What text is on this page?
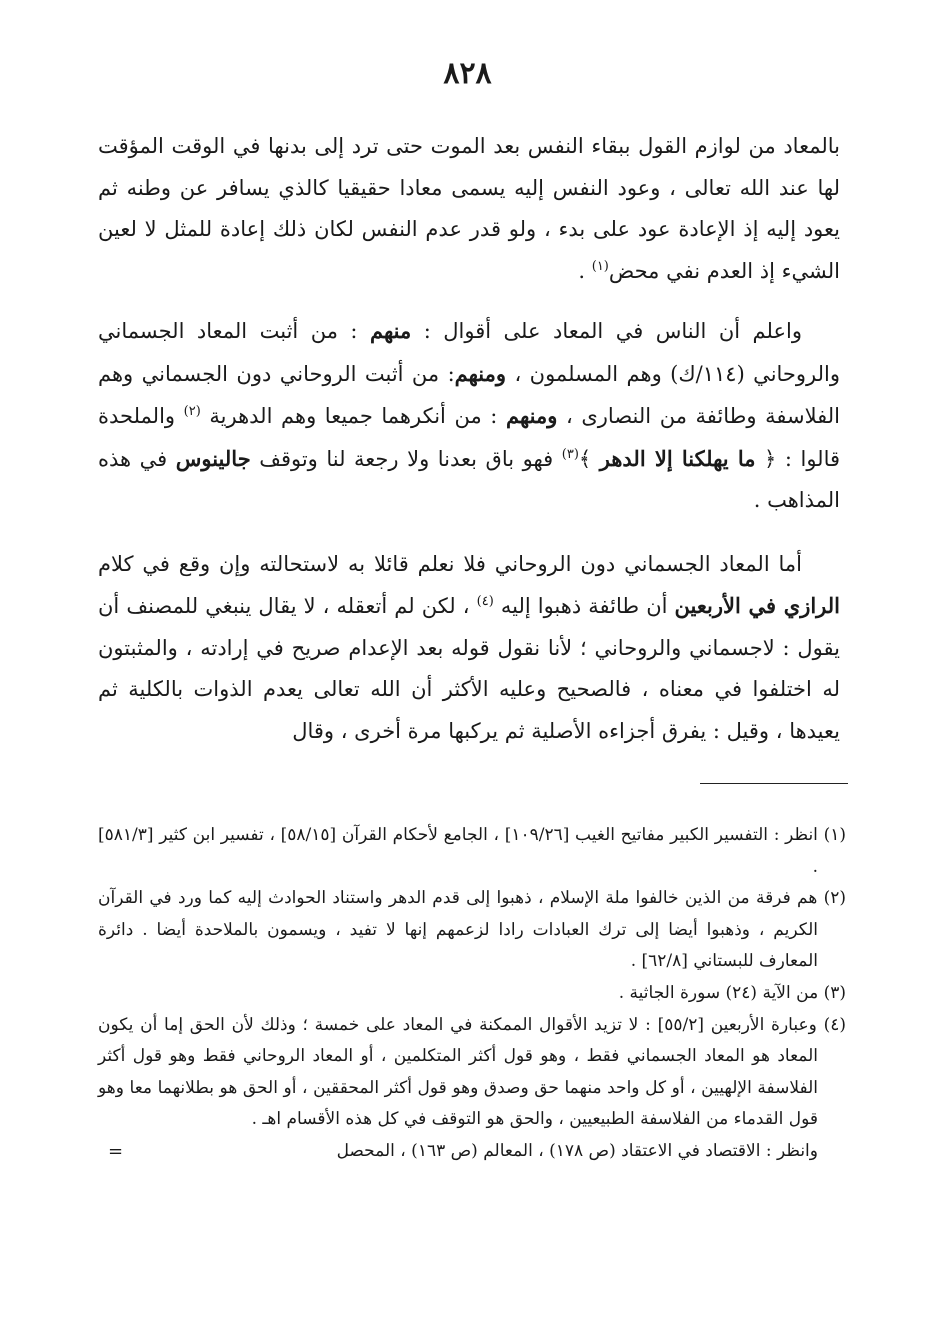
٨٢٨

بالمعاد من لوازم القول ببقاء النفس بعد الموت حتى ترد إلى بدنها في الوقت المؤقت لها عند الله تعالى ، وعود النفس إليه يسمى معادا حقيقيا كالذي يسافر عن وطنه ثم يعود إليه إذ الإعادة عود على بدء ، ولو قدر عدم النفس لكان ذلك إعادة للمثل لا لعين الشيء إذ العدم نفي محض$^{(١)}$ .

واعلم أن الناس في المعاد على أقوال : منهم : من أثبت المعاد الجسماني والروحاني (١١٤/ك) وهم المسلمون ، ومنهم: من أثبت الروحاني دون الجسماني وهم الفلاسفة وطائفة من النصارى ، ومنهم : من أنكرهما جميعا وهم الدهرية $^{(٢)}$ والملحدة قالوا : ﴿ ما يهلكنا إلا الدهر ﴾$^{(٣)}$ فهو باق بعدنا ولا رجعة لنا وتوقف جالينوس في هذه المذاهب .

أما المعاد الجسماني دون الروحاني فلا نعلم قائلا به لاستحالته وإن وقع في كلام الرازي في الأربعين أن طائفة ذهبوا إليه $^{(٤)}$ ، لكن لم أتعقله ، لا يقال ينبغي للمصنف أن يقول : لاجسماني والروحاني ؛ لأنا نقول قوله بعد الإعدام صريح في إرادته ، والمثبتون له اختلفوا في معناه ، فالصحيح وعليه الأكثر أن الله تعالى يعدم الذوات بالكلية ثم يعيدها ، وقيل : يفرق أجزاءه الأصلية ثم يركبها مرة أخرى ، وقال

(١) انظر : التفسير الكبير مفاتيح الغيب [١٠٩/٢٦] ، الجامع لأحكام القرآن [٥٨/١٥] ، تفسير ابن كثير [٥٨١/٣] .

(٢) هم فرقة من الذين خالفوا ملة الإسلام ، ذهبوا إلى قدم الدهر واستناد الحوادث إليه كما ورد في القرآن الكريم ، وذهبوا أيضا إلى ترك العبادات رادا لزعمهم إنها لا تفيد ، ويسمون بالملاحدة أيضا . دائرة المعارف للبستاني [٦٢/٨] .

(٣) من الآية (٢٤) سورة الجاثية .

(٤) وعبارة الأربعين [٥٥/٢] : لا تزيد الأقوال الممكنة في المعاد على خمسة ؛ وذلك لأن الحق إما أن يكون المعاد هو المعاد الجسماني فقط ، وهو قول أكثر المتكلمين ، أو المعاد الروحاني فقط وهو قول أكثر الفلاسفة الإلهيين ، أو كل واحد منهما حق وصدق وهو قول أكثر المحققين ، أو الحق هو بطلانهما معا وهو قول القدماء من الفلاسفة الطبيعيين ، والحق هو التوقف في كل هذه الأقسام اهـ .

وانظر : الاقتصاد في الاعتقاد (ص ١٧٨) ، المعالم (ص ١٦٣) ، المحصل
=
